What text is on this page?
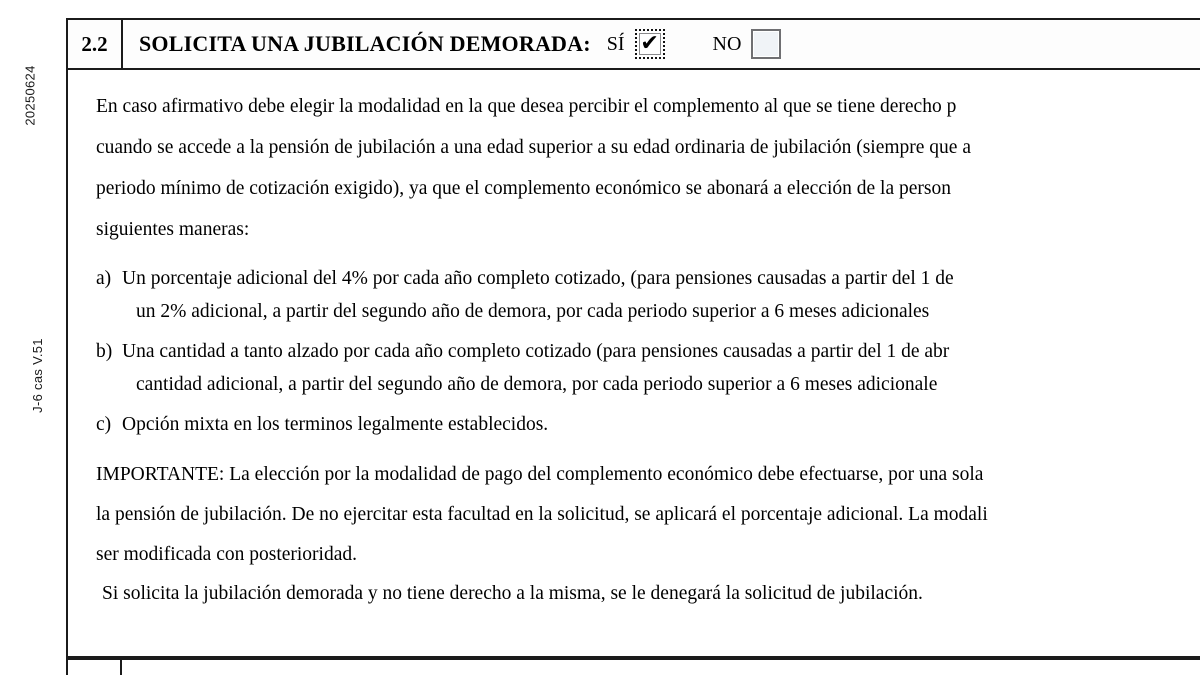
20250624
J-6 cas V.51
2.2	SOLICITA UNA JUBILACIÓN DEMORADA: SÍ ✔	NO

En caso afirmativo debe elegir la modalidad en la que desea percibir el complemento al que se tiene derecho p
cuando se accede a la pensión de jubilación a una edad superior a su edad ordinaria de jubilación (siempre que a
periodo mínimo de cotización exigido), ya que el complemento económico se abonará a elección de la person
siguientes maneras:

a) Un porcentaje adicional del 4% por cada año completo cotizado, (para pensiones causadas a partir del 1 de
un 2% adicional, a partir del segundo año de demora, por cada periodo superior a 6 meses adicionales
b) Una cantidad a tanto alzado por cada año completo cotizado (para pensiones causadas a partir del 1 de abr
cantidad adicional, a partir del segundo año de demora, por cada periodo superior a 6 meses adicionale
c) Opción mixta en los terminos legalmente establecidos.
IMPORTANTE: La elección por la modalidad de pago del complemento económico debe efectuarse, por una sola
la pensión de jubilación. De no ejercitar esta facultad en la solicitud, se aplicará el porcentaje adicional. La modali
ser modificada con posterioridad.
Si solicita la jubilación demorada y no tiene derecho a la misma, se le denegará la solicitud de jubilación.
